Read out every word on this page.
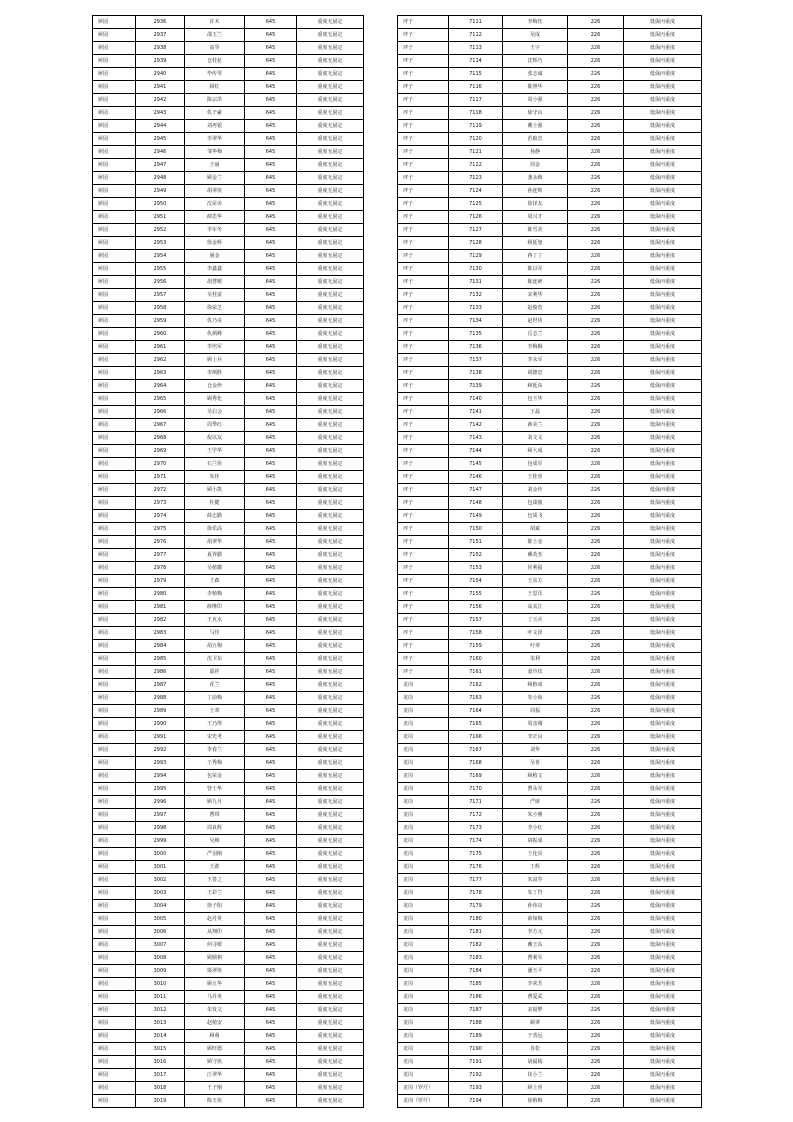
犀园	2936	许木	645	重度无固定
犀园	2937	邵玉兰	645	重度无固定
犀园	2938	高琴	645	重度无固定
犀园	2939	仓桂花	645	重度无固定
犀园	2940	毕传琴	645	重度无固定
犀园	2941	顾红	645	重度无固定
犀园	2942	陈宗洪	645	重度无固定
犀园	2943	仇子豪	645	重度无固定
犀园	2944	刘再银	645	重度无固定
犀园	2945	李翠华	645	重度无固定
犀园	2946	邹华梅	645	重度无固定
犀园	2947	王丽	645	重度无固定
犀园	2948	顾金兰	645	重度无固定
犀园	2949	胡翠侠	645	重度无固定
犀园	2950	沈荣美	645	重度无固定
犀园	2951	薛思华	645	重度无固定
犀园	2952	李军冬	645	重度无固定
犀园	2953	徐金辉	645	重度无固定
犀园	2954	屠金	645	重度无固定
犀园	2955	李鑫鑫	645	重度无固定
犀园	2956	胡慧媛	645	重度无固定
犀园	2957	吴桂富	645	重度无固定
犀园	2958	徐荣芝	645	重度无固定
犀园	2959	仇乃美	645	重度无固定
犀园	2960	仇炳峰	645	重度无固定
犀园	2961	李培军	645	重度无固定
犀园	2962	顾士兵	645	重度无固定
犀园	2963	李炳胜	645	重度无固定
犀园	2964	仓金珍	645	重度无固定
犀园	2965	顾秀化	645	重度无固定
犀园	2966	吴启会	645	重度无固定
犀园	2967	周季红	645	重度无固定
犀园	2968	倪以友	645	重度无固定
犀园	2969	王学华	645	重度无固定
犀园	2970	石兰侠	645	重度无固定
犀园	2971	朱佳	645	重度无固定
犀园	2972	顾小凯	645	重度无固定
犀园	2973	杜健	645	重度无固定
犀园	2974	薛志勤	645	重度无固定
犀园	2975	徐乐高	645	重度无固定
犀园	2976	胡翠华	645	重度无固定
犀园	2977	夏养勤	645	重度无固定
犀园	2978	吴植耀	645	重度无固定
犀园	2979	王森	645	重度无固定
犀园	2980	李植梅	645	重度无固定
犀园	2981	薛继印	645	重度无固定
犀园	2982	王克水	645	重度无固定
犀园	2983	马佳	645	重度无固定
犀园	2984	胡五梅	645	重度无固定
犀园	2985	沈卫东	645	重度无固定
犀园	2986	邵祥	645	重度无固定
犀园	2987	花兰	645	重度无固定
犀园	2988	丁前梅	645	重度无固定
犀园	2989	王翠	645	重度无固定
犀园	2990	王乃得	645	重度无固定
犀园	2991	宋光考	645	重度无固定
犀园	2992	李春兰	645	重度无固定
犀园	2993	王秀梅	645	重度无固定
犀园	2994	包荣金	645	重度无固定
犀园	2995	曾士华	645	重度无固定
犀园	2996	顾九月	645	重度无固定
犀园	2997	曹琪	645	重度无固定
犀园	2998	周良辉	645	重度无固定
犀园	2999	吴梅	645	重度无固定
犀园	3000	严羽刚	645	重度无固定
犀园	3001	王敢	645	重度无固定
犀园	3002	王善之	645	重度无固定
犀园	3003	王彩兰	645	重度无固定
犀园	3004	徐子阳	645	重度无固定
犀园	3005	赵丹英	645	重度无固定
犀园	3006	从翔印	645	重度无固定
犀园	3007	何寻媛	645	重度无固定
犀园	3008	顾鼎祺	645	重度无固定
犀园	3009	梁翠侠	645	重度无固定
犀园	3010	顾五华	645	重度无固定
犀园	3011	马丹英	645	重度无固定
犀园	3012	朱发文	645	重度无固定
犀园	3013	赵植安	645	重度无固定
犀园	3014	顾萌	645	重度无固定
犀园	3015	顾旺德	645	重度无固定
犀园	3016	顾守侠	645	重度无固定
犀园	3017	江翠华	645	重度无固定
犀园	3018	王子刚	645	重度无固定
犀园	3019	陈玉侠	645	重度无固定
坪子	7111	李梅钰	226	低保丙重度
坪子	7112	吴成	226	低保丙重度
坪子	7113	王宇	226	低保丙重度
坪子	7114	沈辉巧	226	低保丙重度
坪子	7115	张志诚	226	低保丙重度
坪子	7116	陈照华	226	低保丙重度
坪子	7117	周小强	226	低保丙重度
坪子	7118	徐守山	226	低保丙重度
坪子	7119	戴士强	226	低保丙重度
坪子	7120	范取忠	226	低保丙重度
坪子	7121	孙静	226	低保丙重度
坪子	7122	周金	226	低保丙重度
坪子	7123	龚永梅	226	低保丙重度
坪子	7124	孙连辉	226	低保丙重度
坪子	7125	徐泽友	226	低保丙重度
坪子	7126	周兴才	226	低保丙重度
坪子	7127	陈雪美	226	低保丙重度
坪子	7128	顾延旭	226	低保丙重度
坪子	7129	蒋丁丁	226	低保丙重度
坪子	7130	陈以军	226	低保丙重度
坪子	7131	陈连碎	226	低保丙重度
坪子	7132	宋利华	226	低保丙重度
坪子	7133	赵俊宽	226	低保丙重度
坪子	7134	赵世侠	226	低保丙重度
坪子	7135	岳志兰	226	低保丙重度
坪子	7136	李梅梅	226	低保丙重度
坪子	7137	李永军	226	低保丙重度
坪子	7138	胡德忠	226	低保丙重度
坪子	7139	顾延东	226	低保丙重度
坪子	7140	包玉华	226	低保丙重度
坪子	7141	王磊	226	低保丙重度
坪子	7142	薛美兰	226	低保丙重度
坪子	7143	刘文文	226	低保丙重度
坪子	7144	顾大成	226	低保丙重度
坪子	7145	包成军	226	低保丙重度
坪子	7146	王桂喜	226	低保丙重度
坪子	7147	刘金传	226	低保丙重度
坪子	7148	包成俊	226	低保丙重度
坪子	7149	包成飞	226	低保丙重度
坪子	7150	胡斌	226	低保丙重度
坪子	7151	陈士金	226	低保丙重度
坪子	7152	戴英杰	226	低保丙重度
坪子	7153	侯利福	226	低保丙重度
坪子	7154	王东方	226	低保丙重度
坪子	7155	王思乐	226	低保丙重度
坪子	7156	高其江	226	低保丙重度
坪子	7157	丁玉兵	226	低保丙重度
坪子	7158	叶文泽	226	低保丙重度
坪子	7159	叶翠	226	低保丙重度
坪子	7160	朱利	226	低保丙重度
坪子	7161	姜玲玫	226	低保丙重度
龙岗	7162	顾植成	226	低保丙重度
龙岗	7163	朱小海	226	低保丙重度
龙岗	7164	周福	226	低保丙重度
龙岗	7165	周彦刚	226	低保丙重度
龙岗	7166	李正良	226	低保丙重度
龙岗	7167	刘华	226	低保丙重度
龙岗	7168	吴喜	226	低保丙重度
龙岗	7169	顾植文	226	低保丙重度
龙岗	7170	曹永军	226	低保丙重度
龙岗	7171	严席	226	低保丙重度
龙岗	7172	朱小雅	226	低保丙重度
龙岗	7173	李小红	226	低保丙重度
龙岗	7174	胡振成	226	低保丙重度
龙岗	7175	王化亮	226	低保丙重度
龙岗	7176	王辉	226	低保丙重度
龙岗	7177	朱富寿	226	低保丙重度
龙岗	7178	朱丁符	226	低保丙重度
龙岗	7179	孙伟亮	226	低保丙重度
龙岗	7180	薛如梅	226	低保丙重度
龙岗	7181	李方元	226	低保丙重度
龙岗	7182	戴玉东	226	低保丙重度
龙岗	7183	曹利军	226	低保丙重度
龙岗	7184	潘玉平	226	低保丙重度
龙岗	7185	李荣芳	226	低保丙重度
龙岗	7186	曹爱武	226	低保丙重度
龙岗	7187	宋福梦	226	低保丙重度
龙岗	7188	顾翠	226	低保丙重度
龙岗	7189	于善远	226	低保丙重度
龙岗	7190	肖松	226	低保丙重度
龙岗	7191	胡福嫣	226	低保丙重度
龙岗	7192	崔小兰	226	低保丙重度
龙岗（罗圩）	7193	顾士喜	226	低保丙重度
龙岗（罗圩）	7194	徐植梅	226	低保丙重度
